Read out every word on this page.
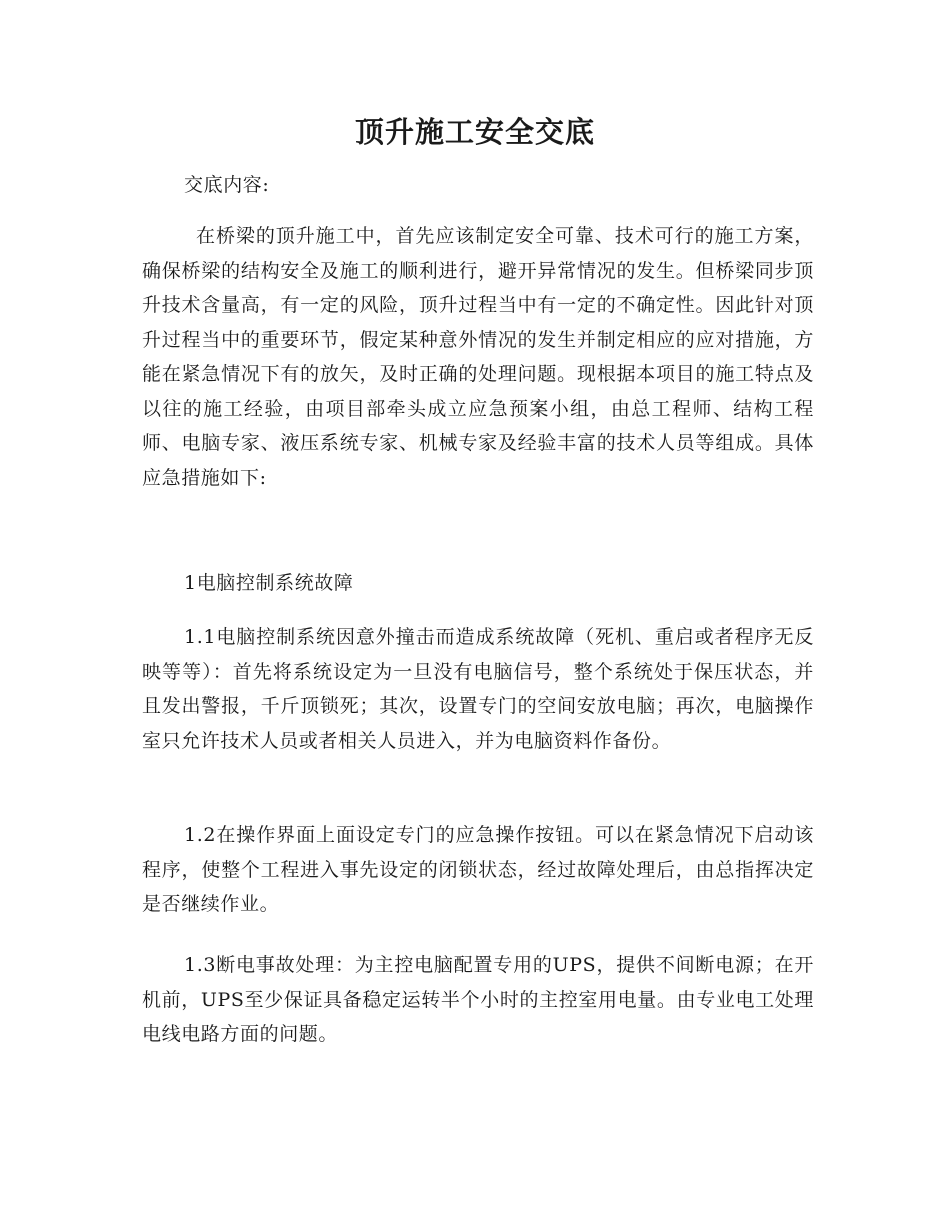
顶升施工安全交底
交底内容:
在桥梁的顶升施工中，首先应该制定安全可靠、技术可行的施工方案，确保桥梁的结构安全及施工的顺利进行，避开异常情况的发生。但桥梁同步顶升技术含量高，有一定的风险，顶升过程当中有一定的不确定性。因此针对顶升过程当中的重要环节，假定某种意外情况的发生并制定相应的应对措施，方能在紧急情况下有的放矢，及时正确的处理问题。现根据本项目的施工特点及以往的施工经验，由项目部牵头成立应急预案小组，由总工程师、结构工程师、电脑专家、液压系统专家、机械专家及经验丰富的技术人员等组成。具体应急措施如下:
1电脑控制系统故障
1.1电脑控制系统因意外撞击而造成系统故障（死机、重启或者程序无反映等等）：首先将系统设定为一旦没有电脑信号，整个系统处于保压状态，并且发出警报，千斤顶锁死；其次，设置专门的空间安放电脑；再次，电脑操作室只允许技术人员或者相关人员进入，并为电脑资料作备份。
1.2在操作界面上面设定专门的应急操作按钮。可以在紧急情况下启动该程序，使整个工程进入事先设定的闭锁状态，经过故障处理后，由总指挥决定是否继续作业。
1.3断电事故处理：为主控电脑配置专用的UPS，提供不间断电源；在开机前，UPS至少保证具备稳定运转半个小时的主控室用电量。由专业电工处理电线电路方面的问题。
